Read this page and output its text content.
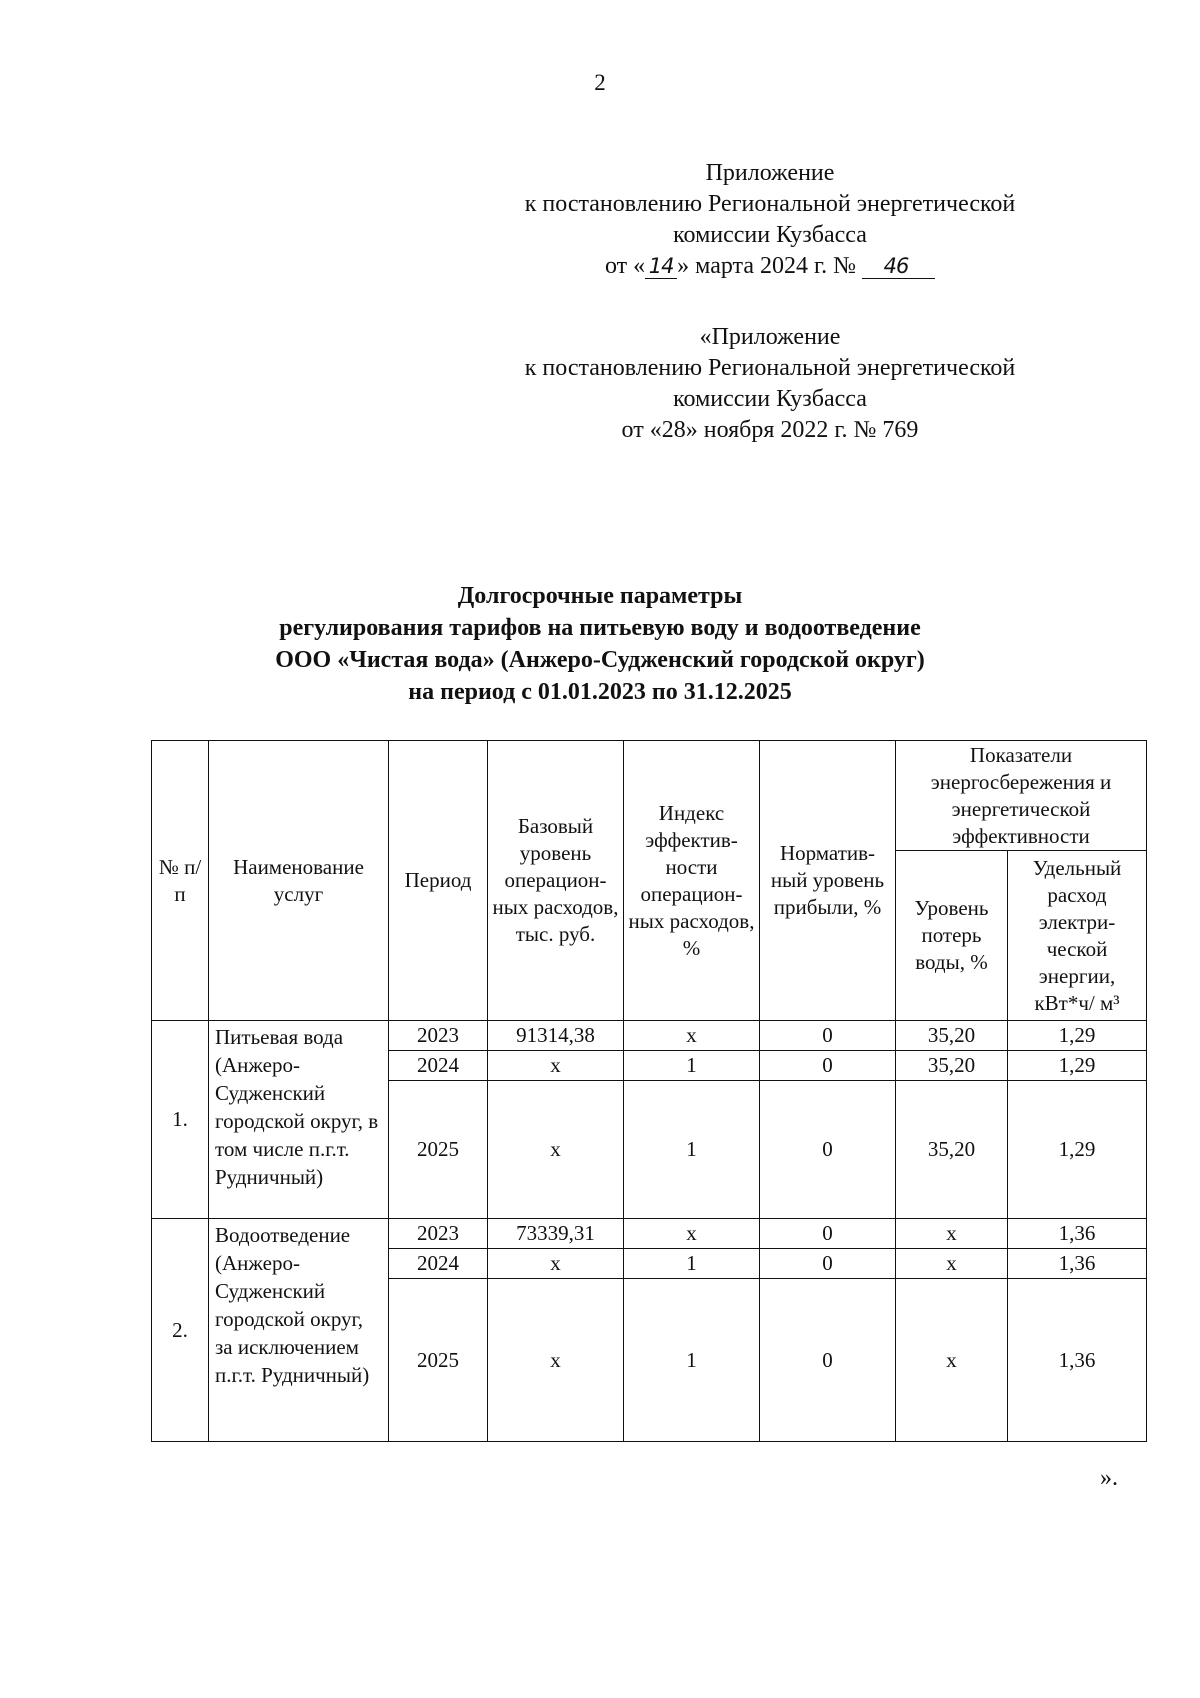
2
Приложение
к постановлению Региональной энергетической
комиссии Кузбасса
от « 14 » марта 2024 г. № 46
«Приложение
к постановлению Региональной энергетической
комиссии Кузбасса
от «28» ноября 2022 г. № 769
Долгосрочные параметры
регулирования тарифов на питьевую воду и водоотведение
ООО «Чистая вода» (Анжеро-Судженский городской округ)
на период с 01.01.2023 по 31.12.2025
№ п/п	Наименование услуг	Период	Базовый уровень операцион-ных расходов, тыс. руб.	Индекс эффектив-ности операцион-ных расходов, %	Норматив-ный уровень прибыли, %	Показатели энергосбережения и энергетической эффективности	
						Уровень потерь воды, %	Удельный расход электри-ческой энергии, кВт*ч/ м³
1.	Питьевая вода (Анжеро-Судженский городской округ, в том числе п.г.т. Рудничный)	2023	91314,38	х	0	35,20	1,29
		2024	х	1	0	35,20	1,29
		2025	х	1	0	35,20	1,29
2.	Водоотведение (Анжеро-Судженский городской округ, за исключением п.г.т. Рудничный)	2023	73339,31	х	0	х	1,36
		2024	х	1	0	х	1,36
		2025	х	1	0	х	1,36
».
